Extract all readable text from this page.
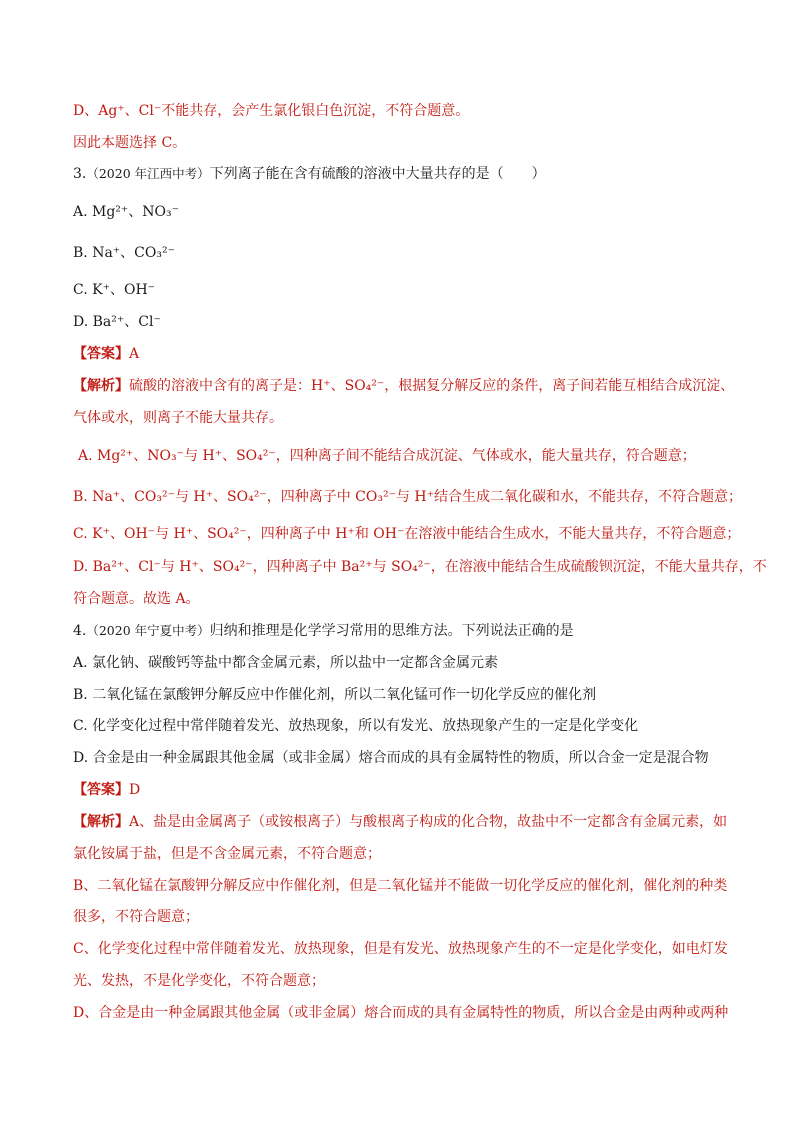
D、Ag⁺、Cl⁻不能共存，会产生氯化银白色沉淀，不符合题意。
因此本题选择 C。
3.（2020 年江西中考）下列离子能在含有硫酸的溶液中大量共存的是（　　）
A. Mg²⁺、NO₃⁻
B. Na⁺、CO₃²⁻
C. K⁺、OH⁻
D. Ba²⁺、Cl⁻
【答案】A
【解析】硫酸的溶液中含有的离子是：H⁺、SO₄²⁻，根据复分解反应的条件，离子间若能互相结合成沉淀、
气体或水，则离子不能大量共存。
A. Mg²⁺、NO₃⁻与 H⁺、SO₄²⁻，四种离子间不能结合成沉淀、气体或水，能大量共存，符合题意；
B. Na⁺、CO₃²⁻与 H⁺、SO₄²⁻，四种离子中 CO₃²⁻与 H⁺结合生成二氧化碳和水，不能共存，不符合题意；
C. K⁺、OH⁻与 H⁺、SO₄²⁻，四种离子中 H⁺和 OH⁻在溶液中能结合生成水，不能大量共存，不符合题意；
D. Ba²⁺、Cl⁻与 H⁺、SO₄²⁻，四种离子中 Ba²⁺与 SO₄²⁻，在溶液中能结合生成硫酸钡沉淀，不能大量共存，不
符合题意。故选 A。
4.（2020 年宁夏中考）归纳和推理是化学学习常用的思维方法。下列说法正确的是
A. 氯化钠、碳酸钙等盐中都含金属元素，所以盐中一定都含金属元素
B. 二氧化锰在氯酸钾分解反应中作催化剂，所以二氧化锰可作一切化学反应的催化剂
C. 化学变化过程中常伴随着发光、放热现象，所以有发光、放热现象产生的一定是化学变化
D. 合金是由一种金属跟其他金属（或非金属）熔合而成的具有金属特性的物质，所以合金一定是混合物
【答案】D
【解析】A、盐是由金属离子（或铵根离子）与酸根离子构成的化合物，故盐中不一定都含有金属元素，如
氯化铵属于盐，但是不含金属元素，不符合题意；
B、二氧化锰在氯酸钾分解反应中作催化剂，但是二氧化锰并不能做一切化学反应的催化剂，催化剂的种类
很多，不符合题意；
C、化学变化过程中常伴随着发光、放热现象，但是有发光、放热现象产生的不一定是化学变化，如电灯发
光、发热，不是化学变化，不符合题意；
D、合金是由一种金属跟其他金属（或非金属）熔合而成的具有金属特性的物质，所以合金是由两种或两种
